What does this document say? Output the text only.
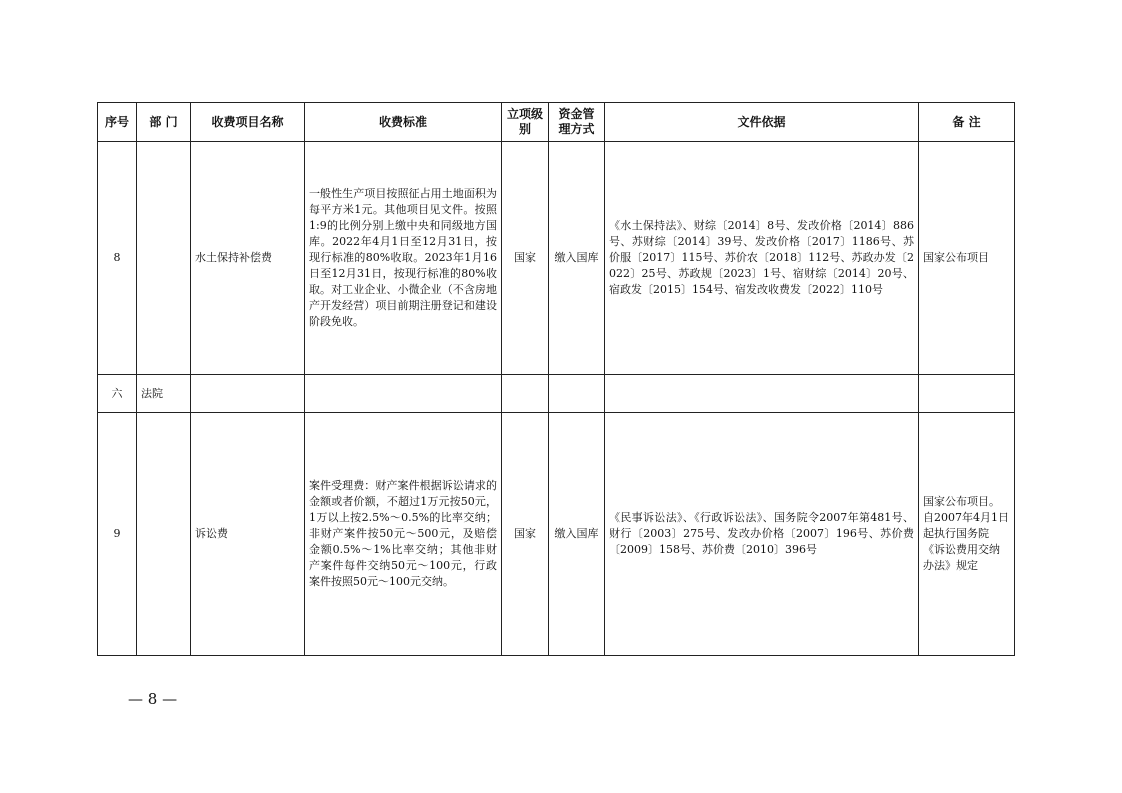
序号	部 门	收费项目名称	收费标准	立项级别	资金管理方式	文件依据	备 注
8		水土保持补偿费	一般性生产项目按照征占用土地面积为每平方米1元。其他项目见文件。按照1:9的比例分别上缴中央和同级地方国库。2022年4月1日至12月31日，按现行标准的80%收取。2023年1月16日至12月31日，按现行标准的80%收取。对工业企业、小微企业（不含房地产开发经营）项目前期注册登记和建设阶段免收。	国家	缴入国库	《水土保持法》、财综〔2014〕8号、发改价格〔2014〕886号、苏财综〔2014〕39号、发改价格〔2017〕1186号、苏价服〔2017〕115号、苏价农〔2018〕112号、苏政办发〔2022〕25号、苏政规〔2023〕1号、宿财综〔2014〕20号、宿政发〔2015〕154号、宿发改收费发〔2022〕110号	国家公布项目
六	法院						
9		诉讼费	案件受理费：财产案件根据诉讼请求的金额或者价额，不超过1万元按50元，1万以上按2.5%～0.5%的比率交纳；非财产案件按50元～500元，及赔偿金额0.5%～1%比率交纳；其他非财产案件每件交纳50元～100元，行政案件按照50元～100元交纳。	国家	缴入国库	《民事诉讼法》、《行政诉讼法》、国务院令2007年第481号、财行〔2003〕275号、发改办价格〔2007〕196号、苏价费〔2009〕158号、苏价费〔2010〕396号	国家公布项目。自2007年4月1日起执行国务院《诉讼费用交纳办法》规定
— 8 —
